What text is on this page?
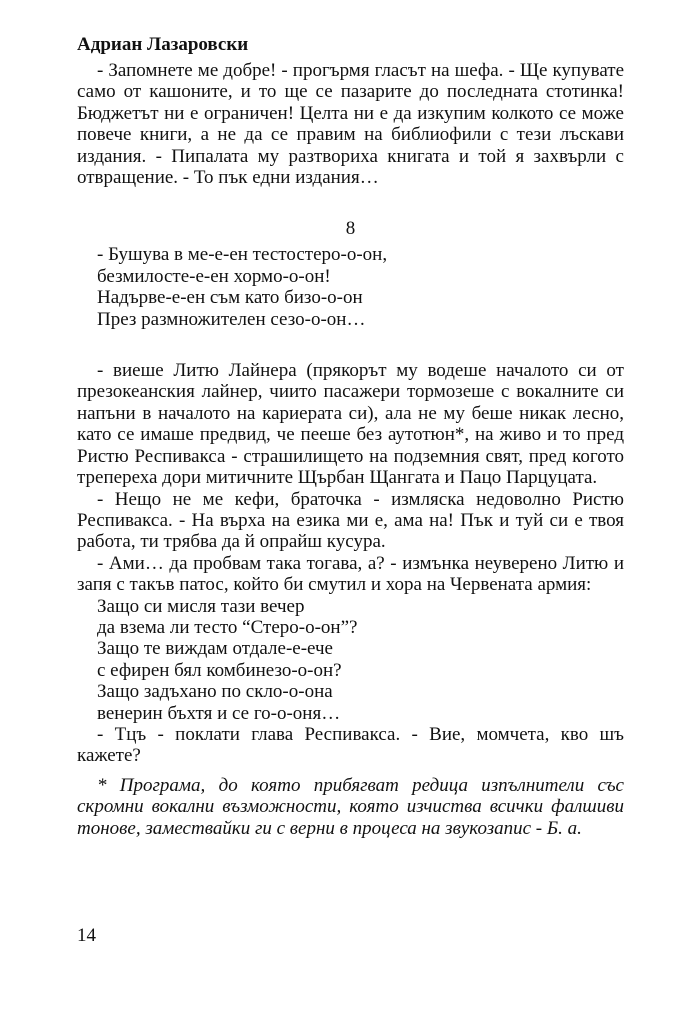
Адриан Лазаровски

- Запомнете ме добре! - прогърмя гласът на шефа. - Ще купувате само от кашоните, и то ще се пазарите до последната стотинка! Бюджетът ни е ограничен! Целта ни е да изкупим колкото се може повече книги, а не да се правим на библиофили с тези лъскави издания. - Пипалата му разтвориха книгата и той я захвърли с отвращение. - То пък едни издания…

8
- Бушува в ме-е-ен тестостеро-о-он,
безмилосте-е-ен хормо-о-он!
Надърве-е-ен съм като бизо-о-он
През размножителен сезо-о-он…

- виеше Литю Лайнера (прякорът му водеше началото си от презокеанския лайнер, чиито пасажери тормозеше с вокалните си напъни в началото на кариерата си), ала не му беше никак лесно, като се имаше предвид, че пееше без аутотюн*, на живо и то пред Ристю Респивакса - страшилището на подземния свят, пред когото трепереха дори митичните Щърбан Щангата и Пацо Парцуцата.

- Нещо не ме кефи, браточка - измляска недоволно Ристю Респивакса. - На върха на езика ми е, ама на! Пък и туй си е твоя работа, ти трябва да й опрайш кусура.

- Ами… да пробвам така тогава, а? - измънка неуверено Литю и запя с такъв патос, който би смутил и хора на Червената армия:

Защо си мисля тази вечер
да взема ли тесто “Стеро-о-он”?
Защо те виждам отдале-е-ече
с ефирен бял комбинезо-о-он?
Защо задъхано по скло-о-она
венерин бъхтя и се го-о-оня…

- Тцъ - поклати глава Респивакса. - Вие, момчета, кво шъ кажете?

* Програма, до която прибягват редица изпълнители със скромни вокални възможности, която изчиства всички фалшиви тонове, замествайки ги с верни в процеса на звукозапис - Б. а.

14
